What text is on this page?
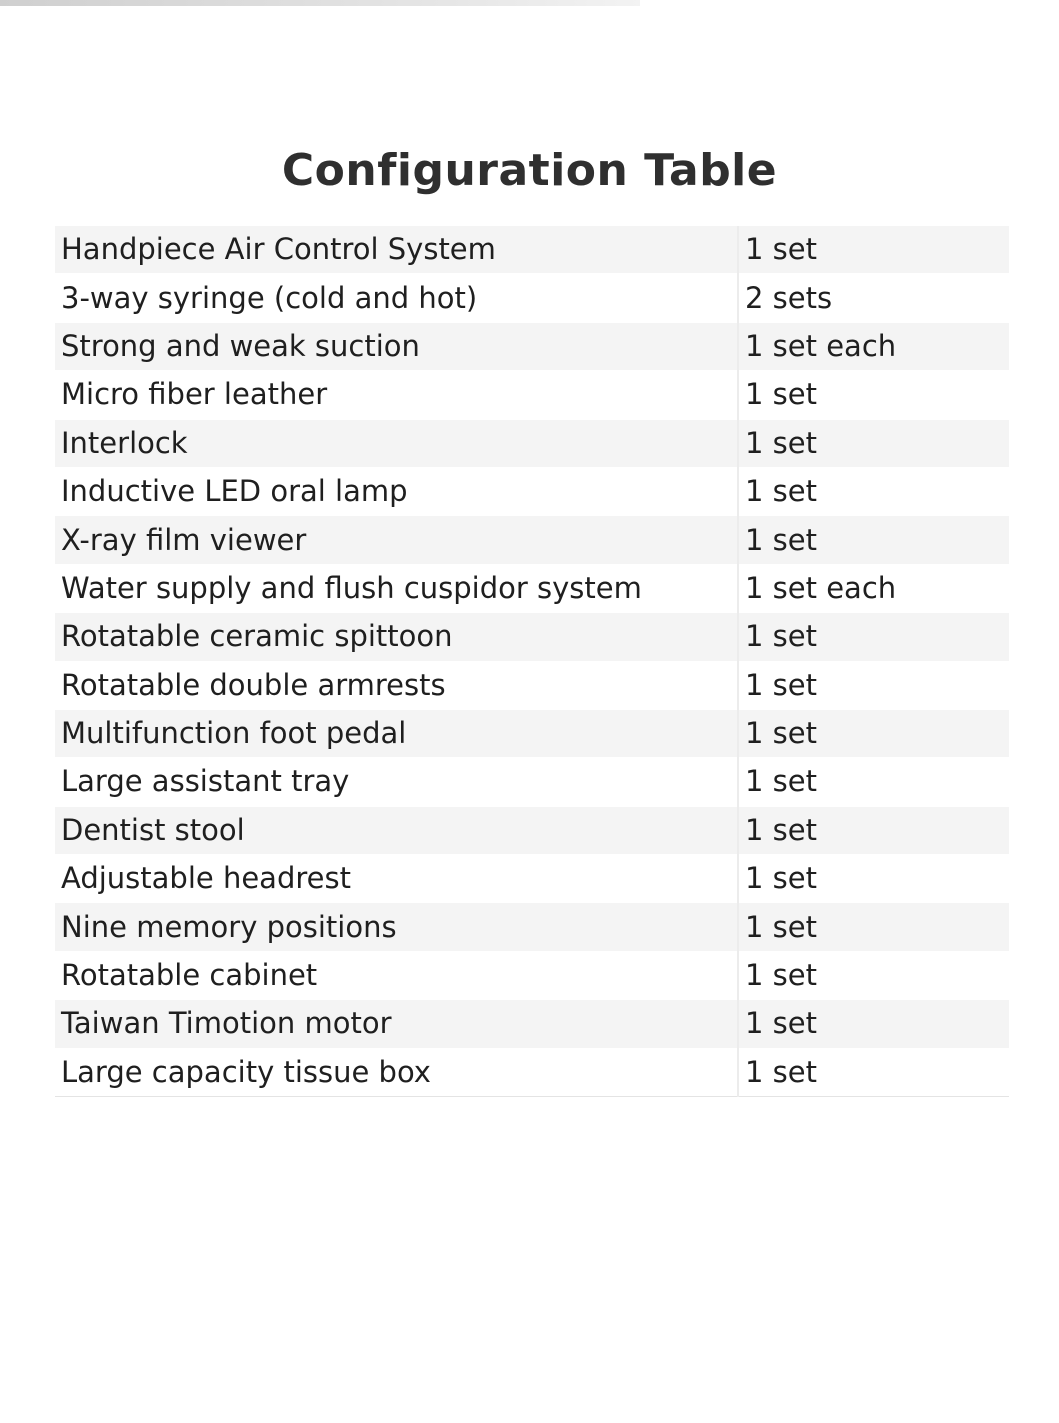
Configuration Table
Handpiece Air Control System	1 set
3-way syringe (cold and hot)	2 sets
Strong and weak suction	1 set each
Micro fiber leather	1 set
Interlock	1 set
Inductive LED oral lamp	1 set
X-ray film viewer	1 set
Water supply and flush cuspidor system	1 set each
Rotatable ceramic spittoon	1 set
Rotatable double armrests	1 set
Multifunction foot pedal	1 set
Large assistant tray	1 set
Dentist stool	1 set
Adjustable headrest	1 set
Nine memory positions	1 set
Rotatable cabinet	1 set
Taiwan Timotion motor	1 set
Large capacity tissue box	1 set
